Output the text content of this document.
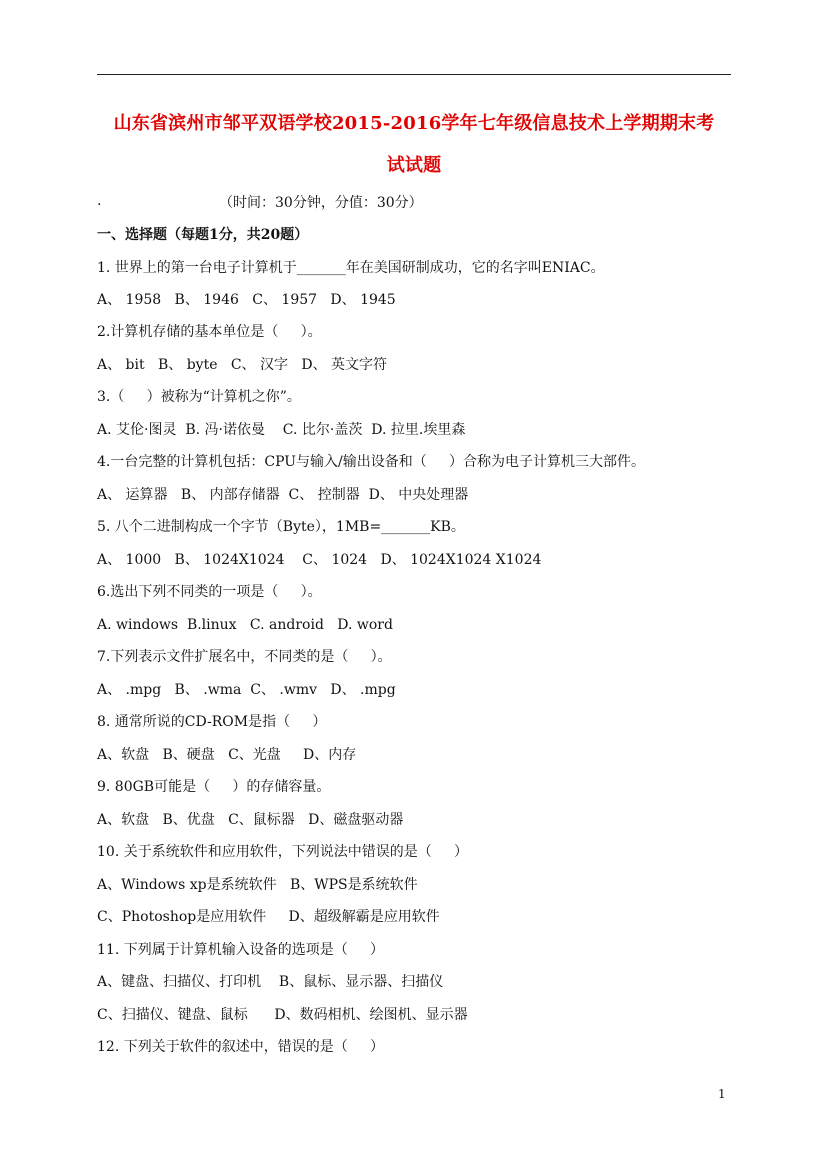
山东省滨州市邹平双语学校2015-2016学年七年级信息技术上学期期末考
试试题
.	（时间：30分钟，分值：30分）
一、选择题（每题1分，共20题）
1. 世界上的第一台电子计算机于_______年在美国研制成功，它的名字叫ENIAC。
A、 1958   B、 1946   C、 1957   D、 1945
2.计算机存储的基本单位是（     ）。
A、 bit   B、 byte   C、 汉字   D、 英文字符
3.（     ）被称为“计算机之你”。
A. 艾伦·图灵  B. 冯·诺依曼    C. 比尔·盖茨  D. 拉里.埃里森
4.一台完整的计算机包括：CPU与输入/输出设备和（     ）合称为电子计算机三大部件。
A、 运算器   B、 内部存储器  C、 控制器  D、 中央处理器
5. 八个二进制构成一个字节（Byte），1MB=_______KB。
A、 1000   B、 1024X1024    C、 1024   D、 1024X1024 X1024
6.选出下列不同类的一项是（     ）。
A. windows  B.linux   C. android   D. word
7.下列表示文件扩展名中，不同类的是（     ）。
A、 .mpg   B、 .wma  C、 .wmv   D、 .mpg
8. 通常所说的CD-ROM是指（     ）
A、软盘   B、硬盘   C、光盘     D、内存
9. 80GB可能是（     ）的存储容量。
A、软盘   B、优盘   C、鼠标器   D、磁盘驱动器
10. 关于系统软件和应用软件，下列说法中错误的是（     ）
A、Windows xp是系统软件   B、WPS是系统软件
C、Photoshop是应用软件     D、超级解霸是应用软件
11. 下列属于计算机输入设备的选项是（     ）
A、键盘、扫描仪、打印机    B、鼠标、显示器、扫描仪
C、扫描仪、键盘、鼠标      D、数码相机、绘图机、显示器
12. 下列关于软件的叙述中，错误的是（     ）
1
